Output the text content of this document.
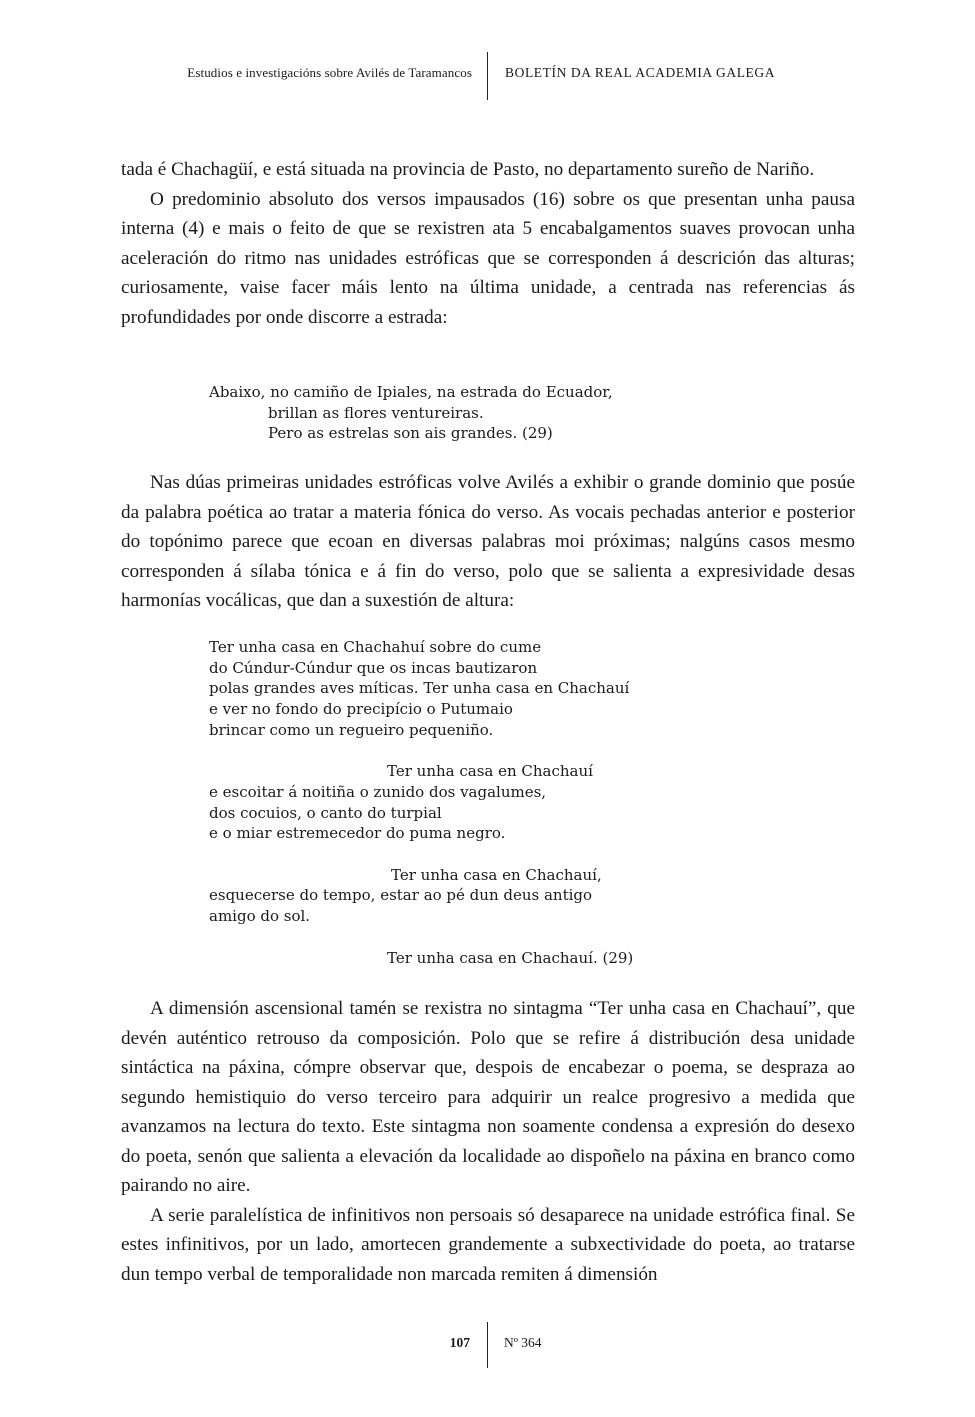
Estudios e investigacións sobre Avilés de Taramancos BOLETÍN DA REAL ACADEMIA GALEGA

tada é Chachagüí, e está situada na provincia de Pasto, no departamento sureño de Nariño.

O predominio absoluto dos versos impausados (16) sobre os que presentan unha pausa interna (4) e mais o feito de que se rexistren ata 5 encabalgamentos suaves provocan unha aceleración do ritmo nas unidades estróficas que se corresponden á descrición das alturas; curiosamente, vaise facer máis lento na última unidade, a centrada nas referencias ás profundidades por onde discorre a estrada:

Abaixo, no camiño de Ipiales, na estrada do Ecuador,
brillan as flores ventureiras.
Pero as estrelas son ais grandes. (29)

Nas dúas primeiras unidades estróficas volve Avilés a exhibir o grande dominio que posúe da palabra poética ao tratar a materia fónica do verso. As vocais pechadas anterior e posterior do topónimo parece que ecoan en diversas palabras moi próximas; nalgúns casos mesmo corresponden á sílaba tónica e á fin do verso, polo que se salienta a expresividade desas harmonías vocálicas, que dan a suxestión de altura:

Ter unha casa en Chachahuí sobre do cume
do Cúndur-Cúndur que os incas bautizaron
polas grandes aves míticas. Ter unha casa en Chachauí
e ver no fondo do precipício o Putumaio
brincar como un regueiro pequeniño.
Ter unha casa en Chachauí
e escoitar á noitiña o zunido dos vagalumes,
dos cocuios, o canto do turpial
e o miar estremecedor do puma negro.
Ter unha casa en Chachauí,
esquecerse do tempo, estar ao pé dun deus antigo
amigo do sol.
Ter unha casa en Chachauí. (29)

A dimensión ascensional tamén se rexistra no sintagma “Ter unha casa en Chachauí”, que devén auténtico retrouso da composición. Polo que se refire á distribución desa unidade sintáctica na páxina, cómpre observar que, despois de encabezar o poema, se despraza ao segundo hemistiquio do verso terceiro para adquirir un realce progresivo a medida que avanzamos na lectura do texto. Este sintagma non soamente condensa a expresión do desexo do poeta, senón que salienta a elevación da localidade ao dispoñelo na páxina en branco como pairando no aire.

A serie paralelística de infinitivos non persoais só desaparece na unidade estrófica final. Se estes infinitivos, por un lado, amortecen grandemente a subxectividade do poeta, ao tratarse dun tempo verbal de temporalidade non marcada remiten á dimensión

107	Nº 364
